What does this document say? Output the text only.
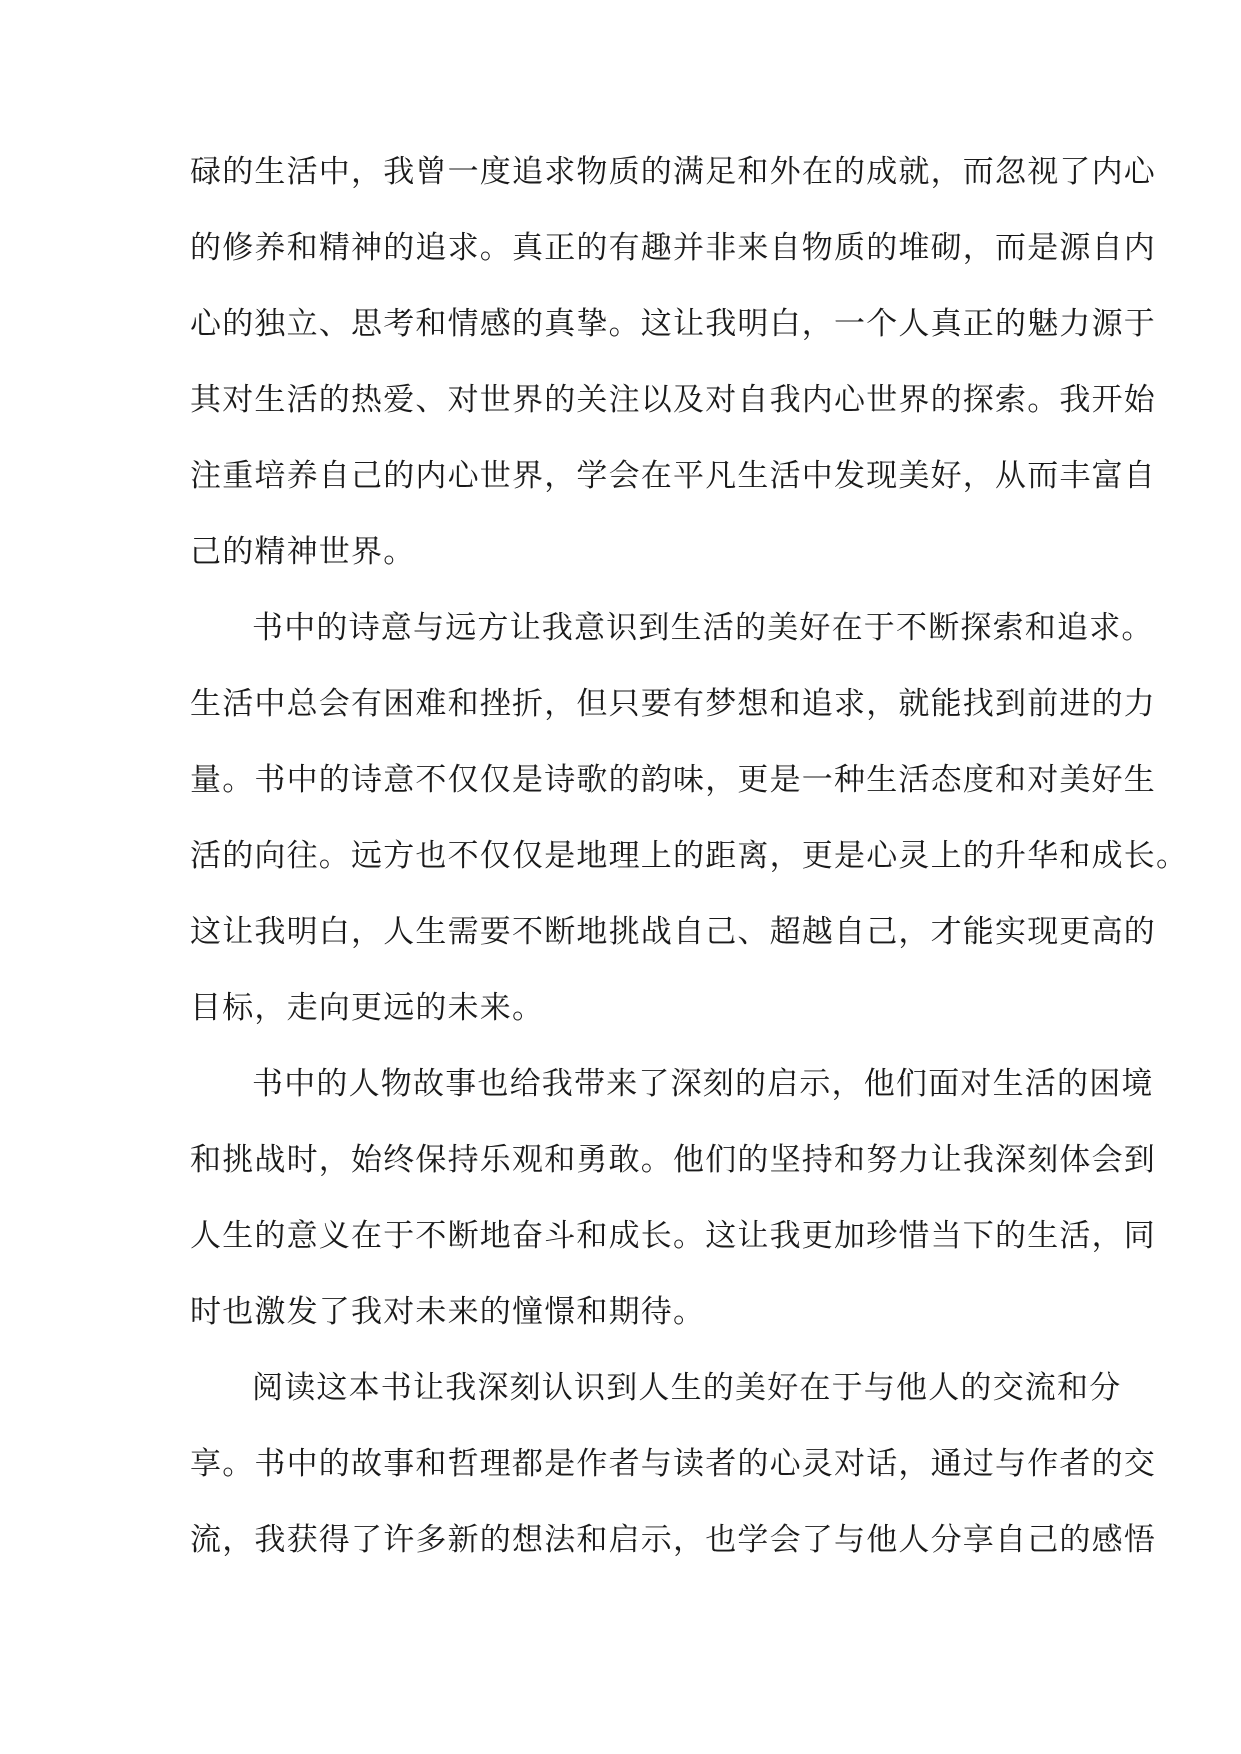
碌的生活中，我曾一度追求物质的满足和外在的成就，而忽视了内心
的修养和精神的追求。真正的有趣并非来自物质的堆砌，而是源自内
心的独立、思考和情感的真挚。这让我明白，一个人真正的魅力源于
其对生活的热爱、对世界的关注以及对自我内心世界的探索。我开始
注重培养自己的内心世界，学会在平凡生活中发现美好，从而丰富自
己的精神世界。
书中的诗意与远方让我意识到生活的美好在于不断探索和追求。
生活中总会有困难和挫折，但只要有梦想和追求，就能找到前进的力
量。书中的诗意不仅仅是诗歌的韵味，更是一种生活态度和对美好生
活的向往。远方也不仅仅是地理上的距离，更是心灵上的升华和成长。
这让我明白，人生需要不断地挑战自己、超越自己，才能实现更高的
目标，走向更远的未来。
书中的人物故事也给我带来了深刻的启示，他们面对生活的困境
和挑战时，始终保持乐观和勇敢。他们的坚持和努力让我深刻体会到
人生的意义在于不断地奋斗和成长。这让我更加珍惜当下的生活，同
时也激发了我对未来的憧憬和期待。
阅读这本书让我深刻认识到人生的美好在于与他人的交流和分
享。书中的故事和哲理都是作者与读者的心灵对话，通过与作者的交
流，我获得了许多新的想法和启示，也学会了与他人分享自己的感悟
